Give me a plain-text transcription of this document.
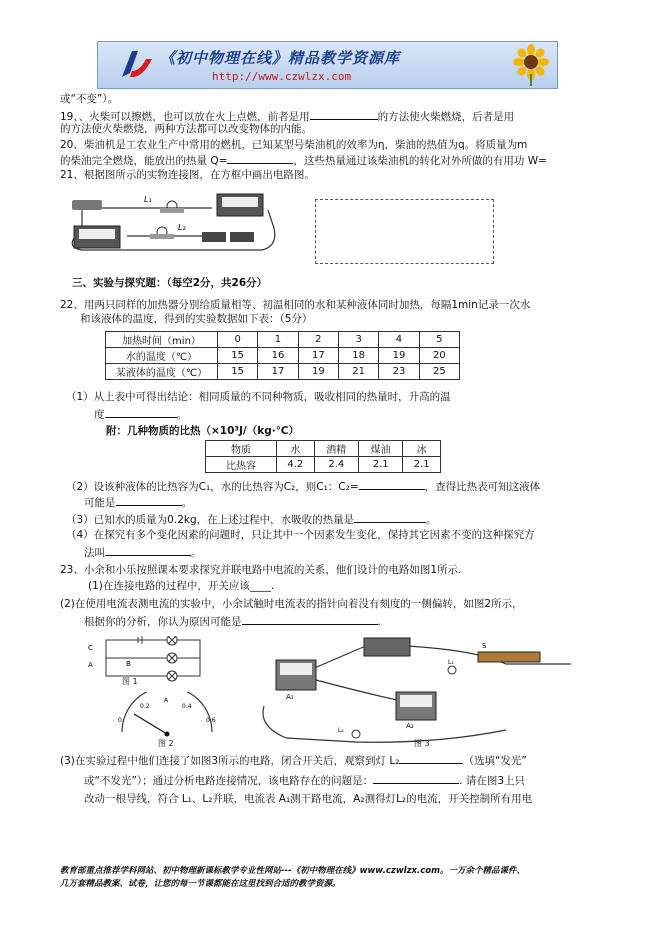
《初中物理在线》精品教学资源库
http://www.czwlzx.com
或“不变”）。
19、、火柴可以擦燃，也可以放在火上点燃，前者是用	的方法使火柴燃烧，后者是用
的方法使火柴燃烧，两种方法都可以改变物体的内能。
20、柴油机是工农业生产中常用的燃机，已知某型号柴油机的效率为η，柴油的热值为q。将质量为m
的柴油完全燃烧，能放出的热量 Q=	，这些热量通过该柴油机的转化对外所做的有用功 W=
21、根据图所示的实物连接图，在方框中画出电路图。
L₁
L₂
三、实验与探究题：（每空2分，共26分）
22、用两只同样的加热器分别给质量相等、初温相同的水和某种液体同时加热，每隔1min记录一次水
和该液体的温度，得到的实验数据如下表：（5分）
加热时间（min）	0	1	2	3	4	5
水的温度（℃）	15	16	17	18	19	20
某液体的温度（℃）	15	17	19	21	23	25
（1）从上表中可得出结论：相同质量的不同种物质，吸收相同的热量时，升高的温
度	。
附：几种物质的比热（×10³J/（kg·℃）
物质	水	酒精	煤油	冰
比热容	4.2	2.4	2.1	2.1
（2）设该种液体的比热容为C₁，水的比热容为C₂，则C₁：C₂=	，查得比热表可知这液体
可能是	。
（3）已知水的质量为0.2kg，在上述过程中，水吸收的热量是	。
（4）在探究有多个变化因素的问题时，只让其中一个因素发生变化，保持其它因素不变的这种探究方
法叫	。
23、小余和小乐按照课本要求探究并联电路中电流的关系，他们设计的电路如图1所示.
(1)在连接电路的过程中，开关应该____.
(2)在使用电流表测电流的实验中，小余试触时电流表的指针向着没有刻度的一侧偏转，如图2所示，
根据你的分析，你认为原因可能是	.
C
A	B
图 1
0
0.2
A
0.4
0.6
图 2
A₁
A₂
S
L₁
L₂
图 3
(3)在实验过程中他们连接了如图3所示的电路，闭合开关后，观察到灯 L₂	（选填“发光”
或“不发光”）；通过分析电路连接情况，该电路存在的问题是：	. 请在图3上只
改动一根导线，符合 L₁、L₂并联，电流表 A₁测干路电流，A₂测得灯L₂的电流，开关控制所有用电
教育部重点推荐学科网站、初中物理新课标教学专业性网站---《初中物理在线》www.czwlzx.com。一万余个精品课件、
几万套精品教案、试卷，让您的每一节课都能在这里找到合适的教学资源。
